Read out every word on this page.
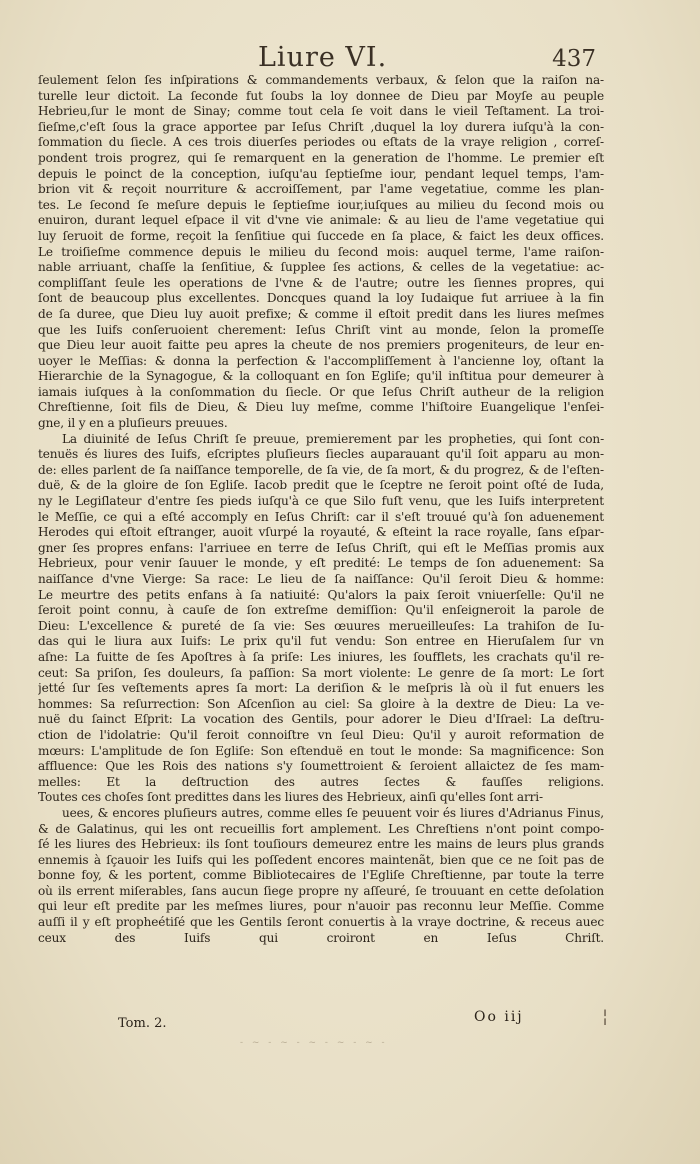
Liure VI.	437
ſeulement ſelon ſes inſpirations & commandements verbaux, & ſelon que la raiſon na-
turelle leur dictoit. La ſeconde fut ſoubs la loy donnee de Dieu par Moyſe au peuple
Hebrieu,ſur le mont de Sinay; comme tout cela ſe voit dans le vieil Teſtament. La troi-
ſieſme,c'eſt ſous la grace apportee par Ieſus Chriſt ,duquel la loy durera iuſqu'à la con-
ſommation du ſiecle. A ces trois diuerſes periodes ou eſtats de la vraye religion , correſ-
pondent trois progrez, qui ſe remarquent en la generation de l'homme. Le premier eſt
depuis le poinct de la conception, iuſqu'au ſeptieſme iour, pendant lequel temps, l'am-
brion vit & reçoit nourriture & accroiſſement, par l'ame vegetatiue, comme les plan-
tes. Le ſecond ſe meſure depuis le ſeptieſme iour,iuſques au milieu du ſecond mois ou
enuiron, durant lequel eſpace il vit d'vne vie animale: & au lieu de l'ame vegetatiue qui
luy ſeruoit de forme, reçoit la ſenſitiue qui ſuccede en ſa place, & faict les deux offices.
Le troiſieſme commence depuis le milieu du ſecond mois: auquel terme, l'ame raiſon-
nable arriuant, chaſſe la ſenſitiue, & ſupplee ſes actions, & celles de la vegetatiue: ac-
compliſſant ſeule les operations de l'vne & de l'autre; outre les ſiennes propres, qui
ſont de beaucoup plus excellentes. Doncques quand la loy Iudaique fut arriuee à la fin
de ſa duree, que Dieu luy auoit prefixe; & comme il eſtoit predit dans les liures meſmes
que les Iuifs conſeruoient cherement: Ieſus Chriſt vint au monde, ſelon la promeſſe
que Dieu leur auoit faitte peu apres la cheute de nos premiers progeniteurs, de leur en-
uoyer le Meſſias: & donna la perfection & l'accompliſſement à l'ancienne loy, oſtant la
Hierarchie de la Synagogue, & la colloquant en ſon Egliſe; qu'il inſtitua pour demeurer à
iamais iuſques à la conſommation du ſiecle. Or que Ieſus Chriſt autheur de la religion
Chreſtienne, ſoit fils de Dieu, & Dieu luy meſme, comme l'hiſtoire Euangelique l'enſei-
gne, il y en a pluſieurs preuues.
La diuinité de Ieſus Chriſt ſe preuue, premierement par les propheties, qui ſont con-
tenuës és liures des Iuifs, eſcriptes pluſieurs ſiecles auparauant qu'il ſoit apparu au mon-
de: elles parlent de ſa naiſſance temporelle, de ſa vie, de ſa mort, & du progrez, & de l'eſten-
duë, & de la gloire de ſon Egliſe. Iacob predit que le ſceptre ne ſeroit point oſté de Iuda,
ny le Legiſlateur d'entre ſes pieds iuſqu'à ce que Silo fuſt venu, que les Iuifs interpretent
le Meſſie, ce qui a eſté accomply en Ieſus Chriſt: car il s'eſt trouué qu'à ſon aduenement
Herodes qui eſtoit eſtranger, auoit vſurpé la royauté, & eſteint la race royalle, ſans eſpar-
gner ſes propres enfans: l'arriuee en terre de Ieſus Chriſt, qui eſt le Meſſias promis aux
Hebrieux, pour venir ſauuer le monde, y eſt predité: Le temps de ſon aduenement: Sa
naiſſance d'vne Vierge: Sa race: Le lieu de ſa naiſſance: Qu'il ſeroit Dieu & homme:
Le meurtre des petits enfans à ſa natiuité: Qu'alors la paix ſeroit vniuerſelle: Qu'il ne
ſeroit point connu, à cauſe de ſon extreſme demiſſion: Qu'il enſeigneroit la parole de
Dieu: L'excellence & pureté de ſa vie: Ses œuures merueilleuſes: La trahiſon de Iu-
das qui le liura aux Iuifs: Le prix qu'il fut vendu: Son entree en Hieruſalem ſur vn
aſne: La fuitte de ſes Apoſtres à ſa priſe: Les iniures, les ſoufflets, les crachats qu'il re-
ceut: Sa priſon, ſes douleurs, ſa paſſion: Sa mort violente: Le genre de ſa mort: Le ſort
jetté ſur ſes veſtements apres ſa mort: La deriſion & le meſpris là où il fut enuers les
hommes: Sa reſurrection: Son Aſcenſion au ciel: Sa gloire à la dextre de Dieu: La ve-
nuë du ſainct Eſprit: La vocation des Gentils, pour adorer le Dieu d'Iſrael: La deſtru-
ction de l'idolatrie: Qu'il feroit connoiſtre vn ſeul Dieu: Qu'il y auroit reformation de
mœurs: L'amplitude de ſon Egliſe: Son eſtenduë en tout le monde: Sa magnificence: Son
affluence: Que les Rois des nations s'y ſoumettroient & ſeroient allaictez de ſes mam-
melles: Et la deſtruction des autres ſectes & fauſſes religions.
Toutes ces choſes ſont predittes dans les liures des Hebrieux, ainſi qu'elles ſont arri-
uees, & encores pluſieurs autres, comme elles ſe peuuent voir és liures d'Adrianus Finus,
& de Galatinus, qui les ont recueillis fort amplement. Les Chreſtiens n'ont point compo-
ſé les liures des Hebrieux: ils ſont touſiours demeurez entre les mains de leurs plus grands
ennemis à ſçauoir les Iuifs qui les poſſedent encores maintenãt, bien que ce ne ſoit pas de
bonne foy, & les portent, comme Bibliotecaires de l'Egliſe Chreſtienne, par toute la terre
où ils errent miſerables, ſans aucun ſiege propre ny aſſeuré, ſe trouuant en cette deſolation
qui leur eſt predite par les meſmes liures, pour n'auoir pas reconnu leur Meſſie. Comme
auſſi il y eſt propheétiſé que les Gentils ſeront conuertis à la vraye doctrine, & receus auec
ceux des Iuifs qui croiront en Ieſus Chriſt.
Tom. 2.	Oo iij	¦
- ~ - ~ - ~ - ~ - ~ -
